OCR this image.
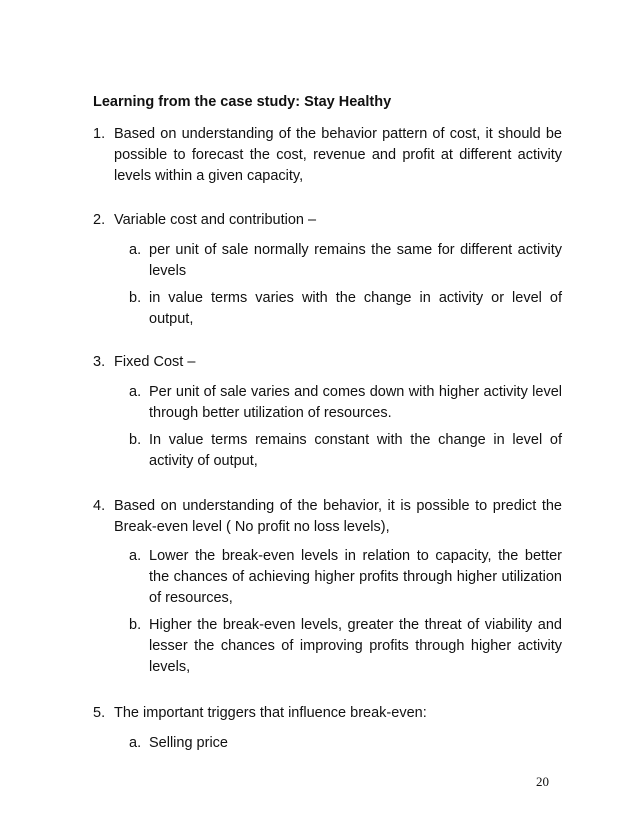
Learning from the case study: Stay Healthy
1. Based on understanding of the behavior pattern of cost, it should be possible to forecast the cost, revenue and profit at different activity levels within a given capacity,
2. Variable cost and contribution –
a. per unit of sale normally remains the same for different activity levels
b. in value terms varies with the change in activity or level of output,
3. Fixed Cost –
a. Per unit of sale varies and comes down with higher activity level through better utilization of resources.
b. In value terms remains constant with the change in level of activity of output,
4. Based on understanding of the behavior, it is possible to predict the Break-even level ( No profit no loss levels),
a. Lower the break-even levels in relation to capacity, the better the chances of achieving higher profits through higher utilization of resources,
b. Higher the break-even levels, greater the threat of viability and lesser the chances of improving profits through higher activity levels,
5. The important triggers that influence break-even:
a. Selling price
20
